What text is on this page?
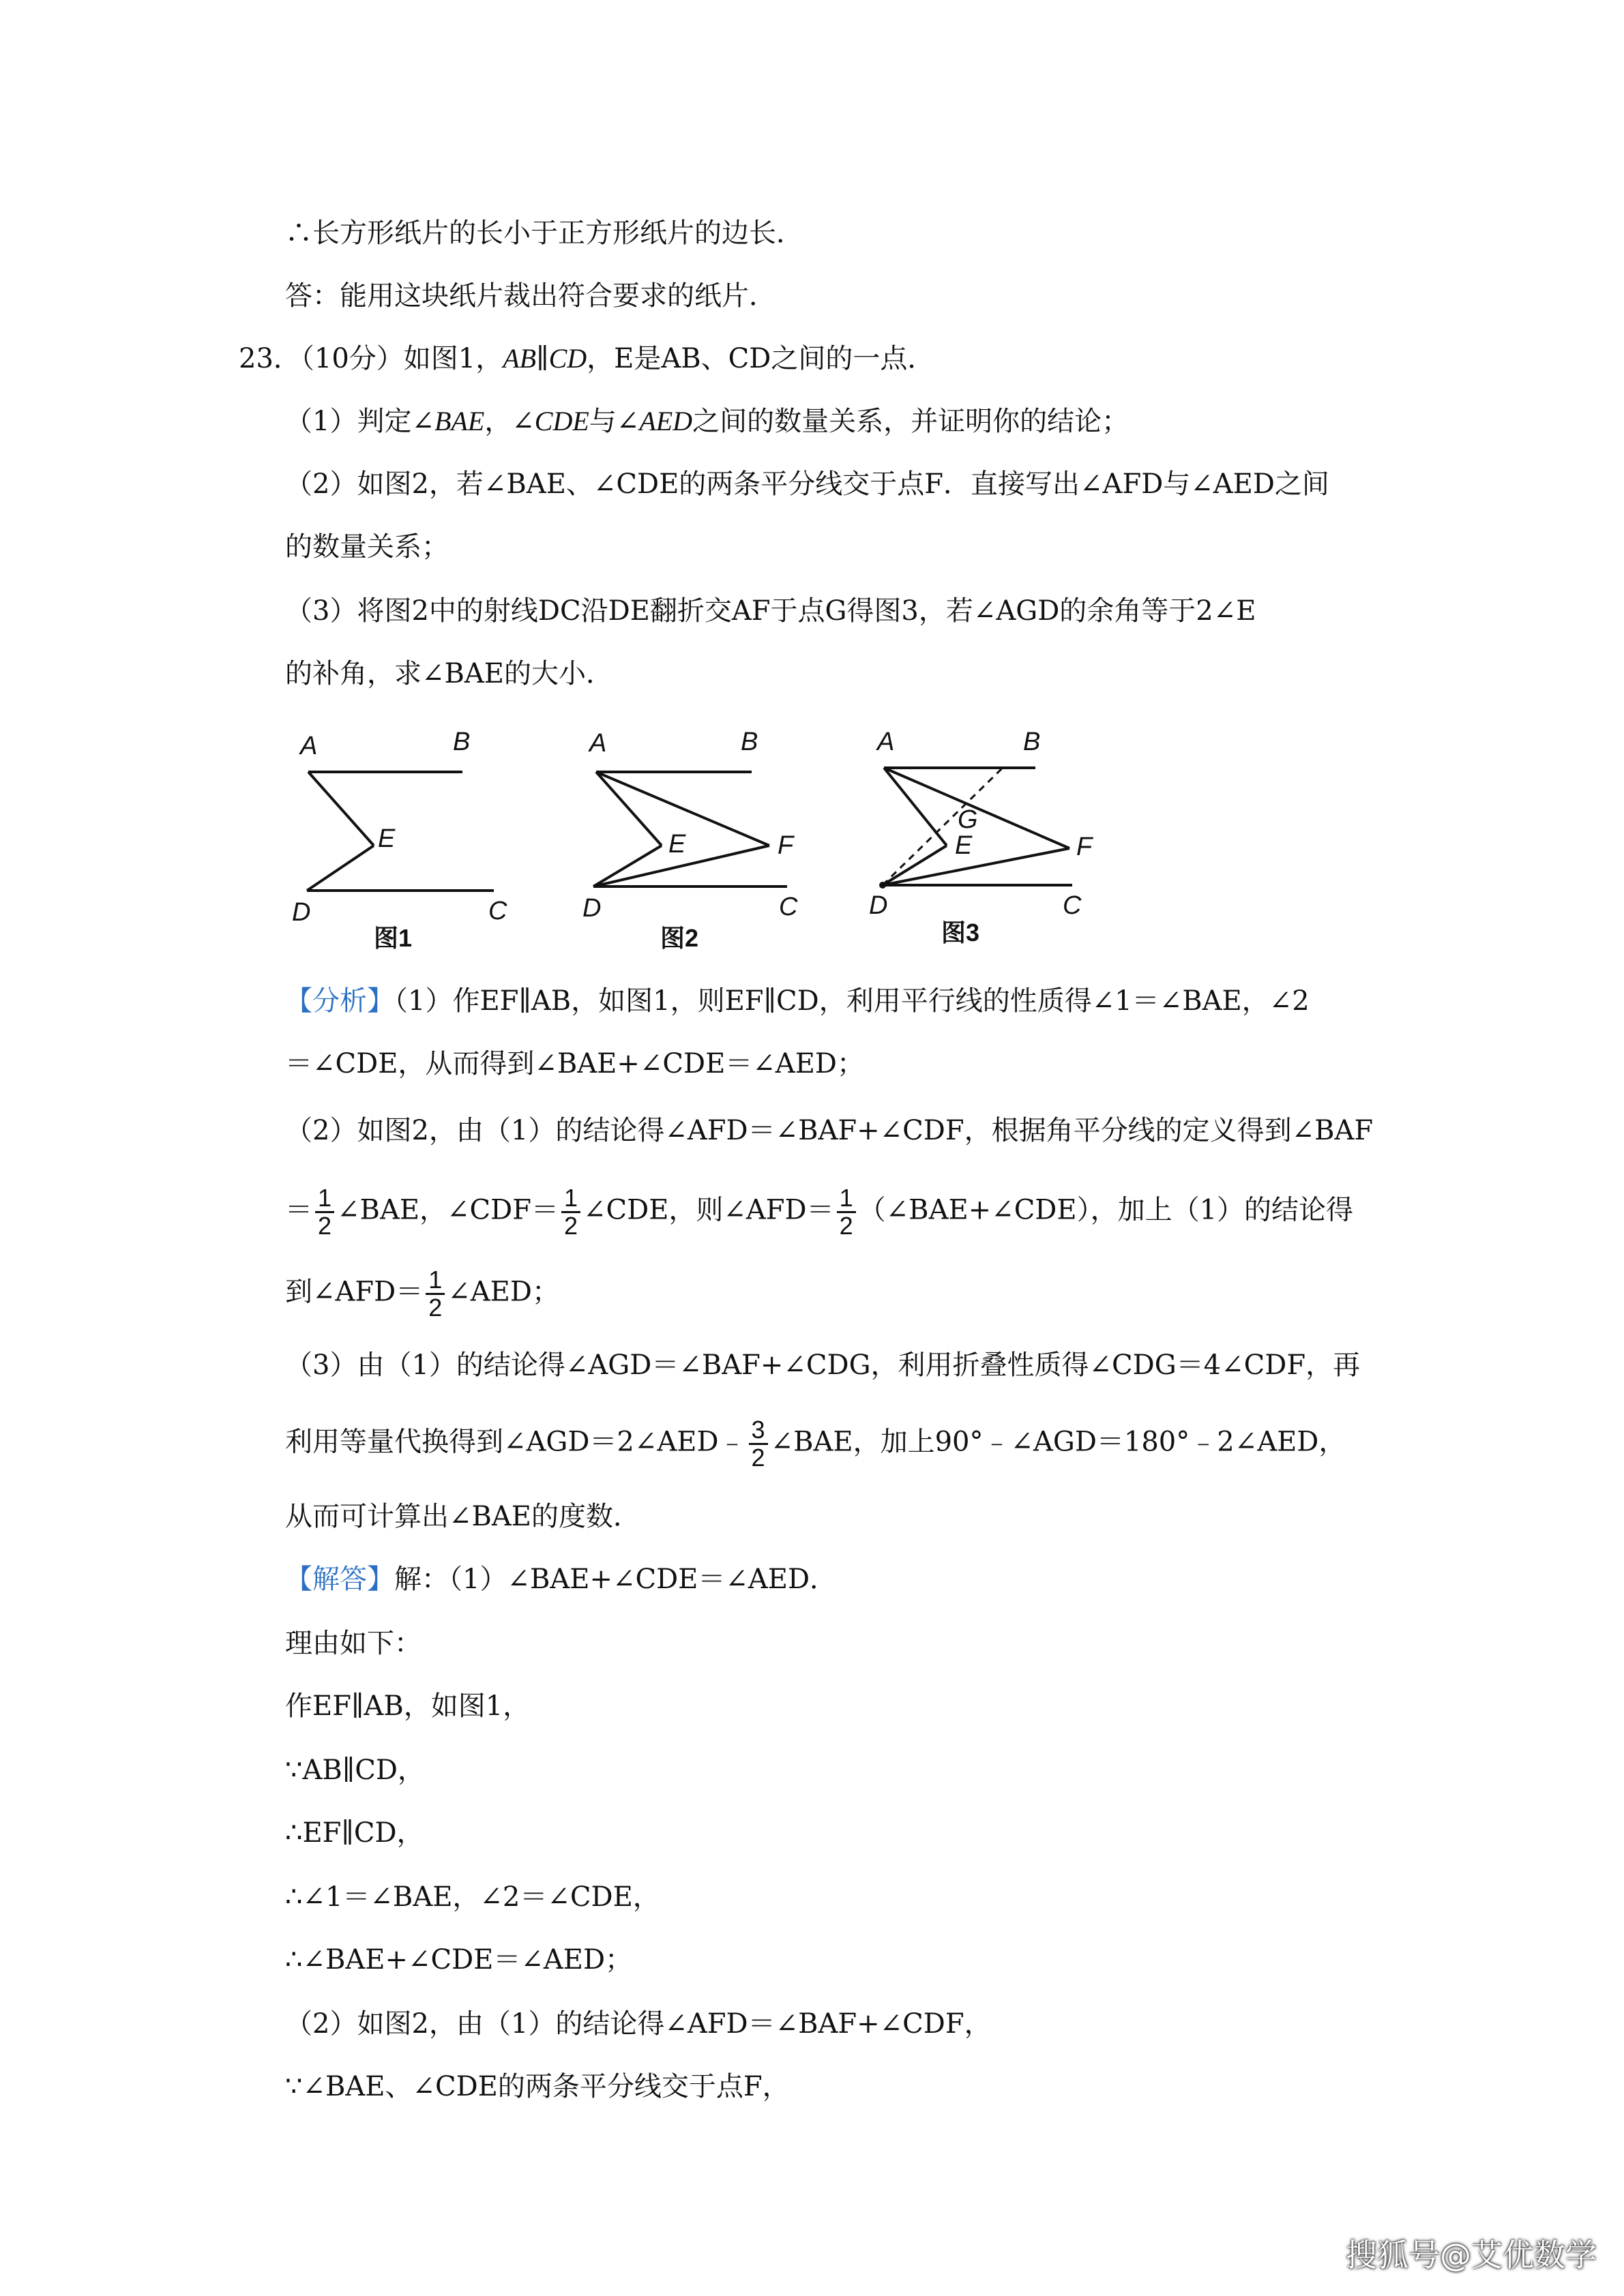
∴长方形纸片的长小于正方形纸片的边长．
答：能用这块纸片裁出符合要求的纸片．
23．（10分）如图1，AB∥CD，E是AB、CD之间的一点．
（1）判定∠BAE，∠CDE与∠AED之间的数量关系，并证明你的结论；
（2）如图2，若∠BAE、∠CDE的两条平分线交于点F．直接写出∠AFD与∠AED之间
的数量关系；
（3）将图2中的射线DC沿DE翻折交AF于点G得图3，若∠AGD的余角等于2∠E
的补角，求∠BAE的大小．
A	B
E
D	C
图1
A	B
E	F
D	C
图2
A	B
G
E	F
D	C
图3
【分析】（1）作EF∥AB，如图1，则EF∥CD，利用平行线的性质得∠1＝∠BAE，∠2
＝∠CDE，从而得到∠BAE+∠CDE＝∠AED；
（2）如图2，由（1）的结论得∠AFD＝∠BAF+∠CDF，根据角平分线的定义得到∠BAF
＝ $\frac{1}{2}$ ∠BAE，∠CDF＝ $\frac{1}{2}$ ∠CDE，则∠AFD＝ $\frac{1}{2}$ （∠BAE+∠CDE），加上（1）的结论得
到∠AFD＝ $\frac{1}{2}$ ∠AED；
（3）由（1）的结论得∠AGD＝∠BAF+∠CDG，利用折叠性质得∠CDG＝4∠CDF，再
利用等量代换得到∠AGD＝2∠AED﹣ $\frac{3}{2}$ ∠BAE，加上90°﹣∠AGD＝180°﹣2∠AED，
从而可计算出∠BAE的度数．
【解答】解：（1）∠BAE+∠CDE＝∠AED．
理由如下：
作EF∥AB，如图1，
∵AB∥CD，
∴EF∥CD，
∴∠1＝∠BAE，∠2＝∠CDE，
∴∠BAE+∠CDE＝∠AED；
（2）如图2，由（1）的结论得∠AFD＝∠BAF+∠CDF，
∵∠BAE、∠CDE的两条平分线交于点F，
搜狐号@艾优数学
